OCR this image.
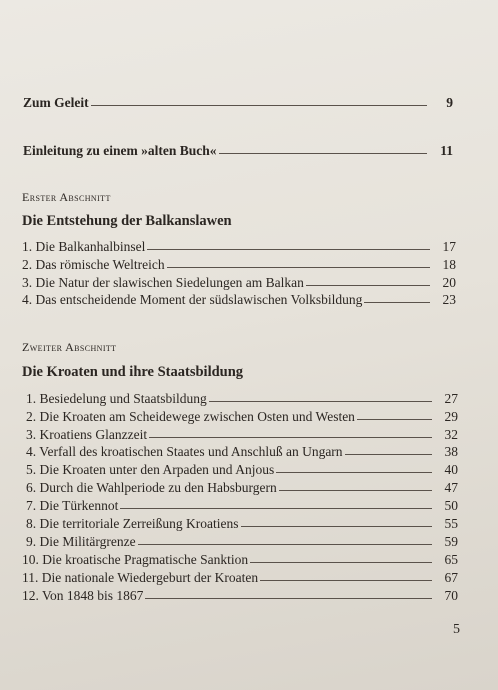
Zum Geleit	9
Einleitung zu einem »alten Buch«	11
Erster Abschnitt
Die Entstehung der Balkanslawen
1. Die Balkanhalbinsel	17
2. Das römische Weltreich	18
3. Die Natur der slawischen Siedelungen am Balkan	20
4. Das entscheidende Moment der südslawischen Volksbildung	23
Zweiter Abschnitt
Die Kroaten und ihre Staatsbildung
1. Besiedelung und Staatsbildung	27
2. Die Kroaten am Scheidewege zwischen Osten und Westen	29
3. Kroatiens Glanzzeit	32
4. Verfall des kroatischen Staates und Anschluß an Ungarn	38
5. Die Kroaten unter den Arpaden und Anjous	40
6. Durch die Wahlperiode zu den Habsburgern	47
7. Die Türkennot	50
8. Die territoriale Zerreißung Kroatiens	55
9. Die Militärgrenze	59
10. Die kroatische Pragmatische Sanktion	65
11. Die nationale Wiedergeburt der Kroaten	67
12. Von 1848 bis 1867	70
5
